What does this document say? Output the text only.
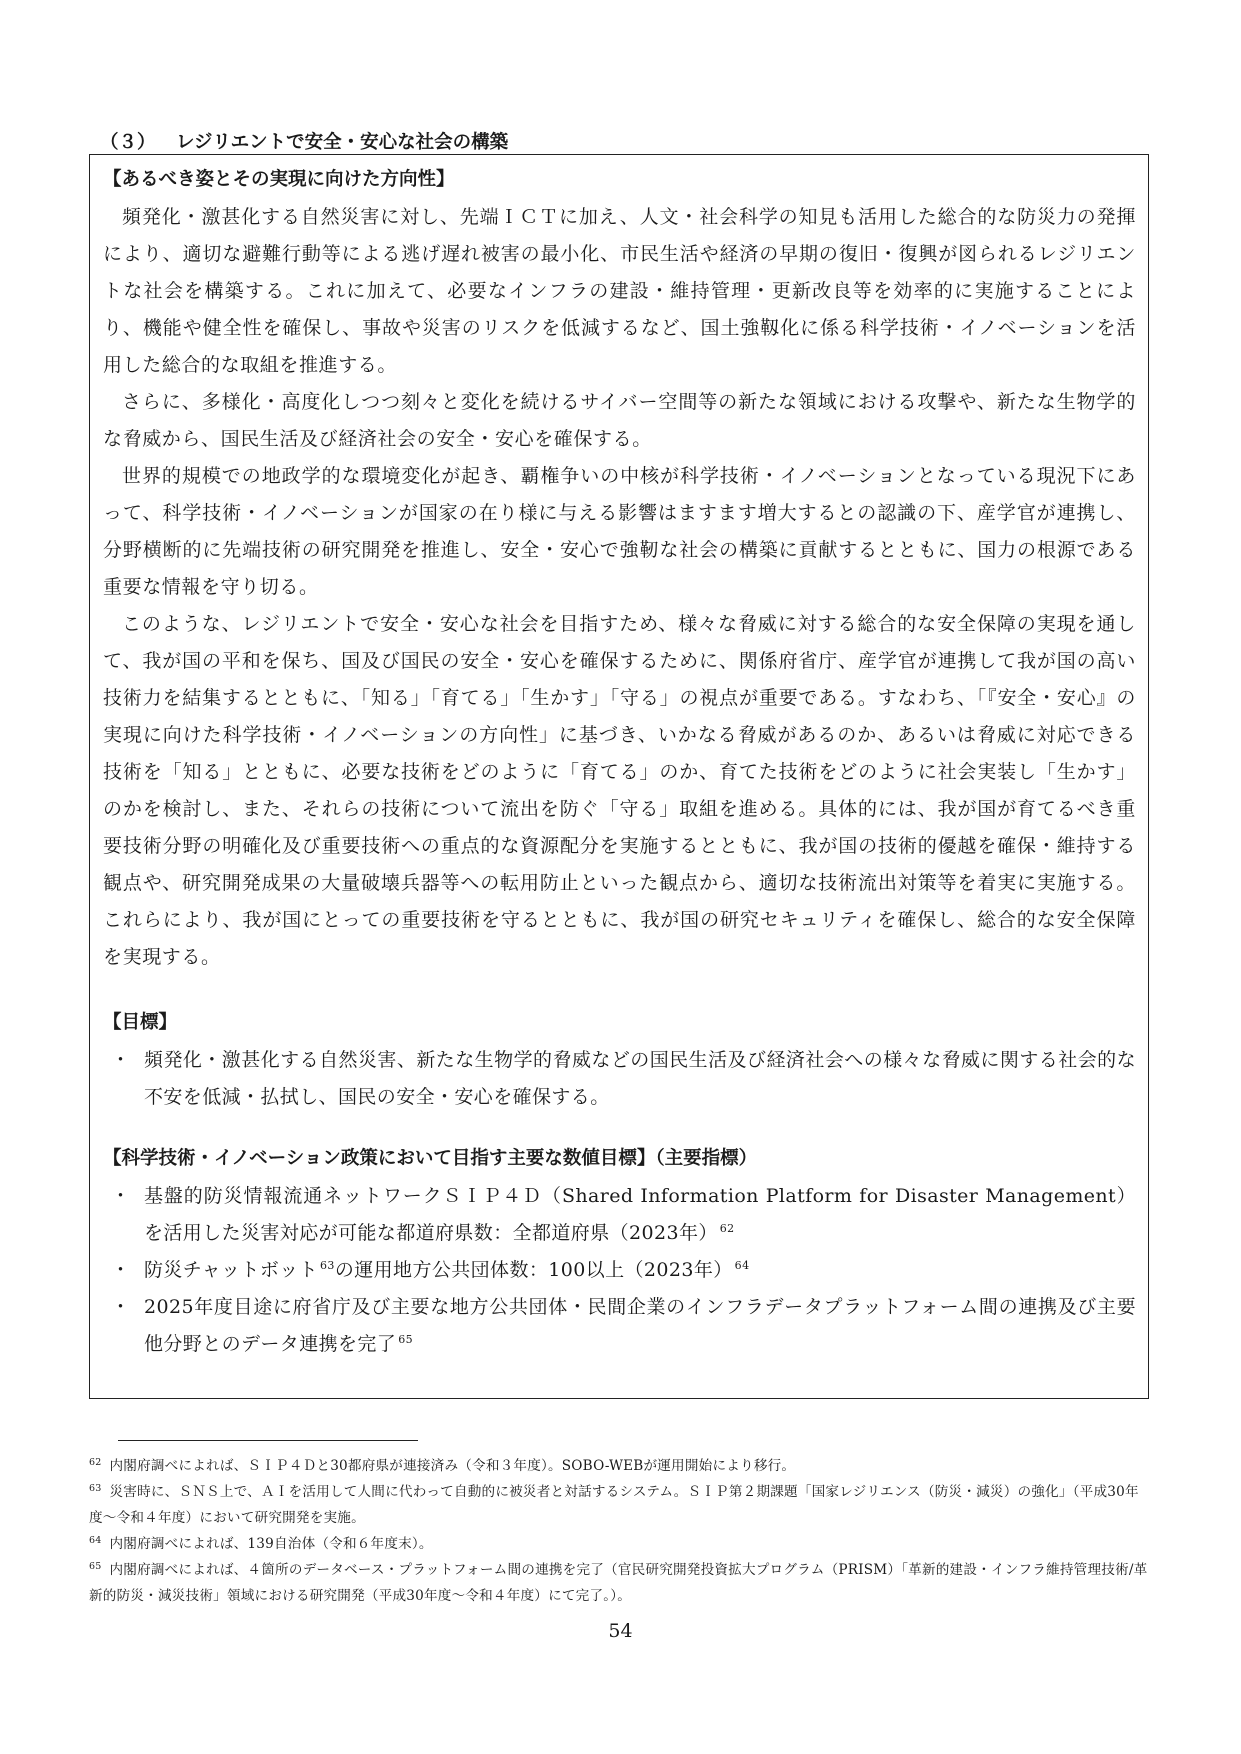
（３） レジリエントで安全・安心な社会の構築
【あるべき姿とその実現に向けた方向性】

頻発化・激甚化する自然災害に対し、先端ＩＣＴに加え、人文・社会科学の知見も活用した総合的な防災力の発揮により、適切な避難行動等による逃げ遅れ被害の最小化、市民生活や経済の早期の復旧・復興が図られるレジリエントな社会を構築する。これに加えて、必要なインフラの建設・維持管理・更新改良等を効率的に実施することにより、機能や健全性を確保し、事故や災害のリスクを低減するなど、国土強靱化に係る科学技術・イノベーションを活用した総合的な取組を推進する。

さらに、多様化・高度化しつつ刻々と変化を続けるサイバー空間等の新たな領域における攻撃や、新たな生物学的な脅威から、国民生活及び経済社会の安全・安心を確保する。

世界的規模での地政学的な環境変化が起き、覇権争いの中核が科学技術・イノベーションとなっている現況下にあって、科学技術・イノベーションが国家の在り様に与える影響はますます増大するとの認識の下、産学官が連携し、分野横断的に先端技術の研究開発を推進し、安全・安心で強靭な社会の構築に貢献するとともに、国力の根源である重要な情報を守り切る。

このような、レジリエントで安全・安心な社会を目指すため、様々な脅威に対する総合的な安全保障の実現を通して、我が国の平和を保ち、国及び国民の安全・安心を確保するために、関係府省庁、産学官が連携して我が国の高い技術力を結集するとともに、「知る」「育てる」「生かす」「守る」の視点が重要である。すなわち、「『安全・安心』の実現に向けた科学技術・イノベーションの方向性」に基づき、いかなる脅威があるのか、あるいは脅威に対応できる技術を「知る」とともに、必要な技術をどのように「育てる」のか、育てた技術をどのように社会実装し「生かす」のかを検討し、また、それらの技術について流出を防ぐ「守る」取組を進める。具体的には、我が国が育てるべき重要技術分野の明確化及び重要技術への重点的な資源配分を実施するとともに、我が国の技術的優越を確保・維持する観点や、研究開発成果の大量破壊兵器等への転用防止といった観点から、適切な技術流出対策等を着実に実施する。これらにより、我が国にとっての重要技術を守るとともに、我が国の研究セキュリティを確保し、総合的な安全保障を実現する。

【目標】
・ 頻発化・激甚化する自然災害、新たな生物学的脅威などの国民生活及び経済社会への様々な脅威に関する社会的な不安を低減・払拭し、国民の安全・安心を確保する。
【科学技術・イノベーション政策において目指す主要な数値目標】（主要指標）
・ 基盤的防災情報流通ネットワークＳＩＰ４Ｄ（Shared Information Platform for Disaster Management）を活用した災害対応が可能な都道府県数：全都道府県（2023年） $^{62}$
・ 防災チャットボット $^{63}$の運用地方公共団体数：100以上（2023年） $^{64}$
・ 2025年度目途に府省庁及び主要な地方公共団体・民間企業のインフラデータプラットフォーム間の連携及び主要他分野とのデータ連携を完了 $^{65}$

$^{62}$ 内閣府調べによれば、ＳＩＰ４Ｄと30都府県が連接済み（令和３年度）。SOBO-WEBが運用開始により移行。

$^{63}$ 災害時に、ＳＮＳ上で、ＡＩを活用して人間に代わって自動的に被災者と対話するシステム。ＳＩＰ第２期課題「国家レジリエンス（防災・減災）の強化」（平成30年度～令和４年度）において研究開発を実施。

$^{64}$ 内閣府調べによれば、139自治体（令和６年度末）。

$^{65}$ 内閣府調べによれば、４箇所のデータベース・プラットフォーム間の連携を完了（官民研究開発投資拡大プログラム（PRISM）「革新的建設・インフラ維持管理技術/革新的防災・減災技術」領域における研究開発（平成30年度～令和４年度）にて完了。）。

54
